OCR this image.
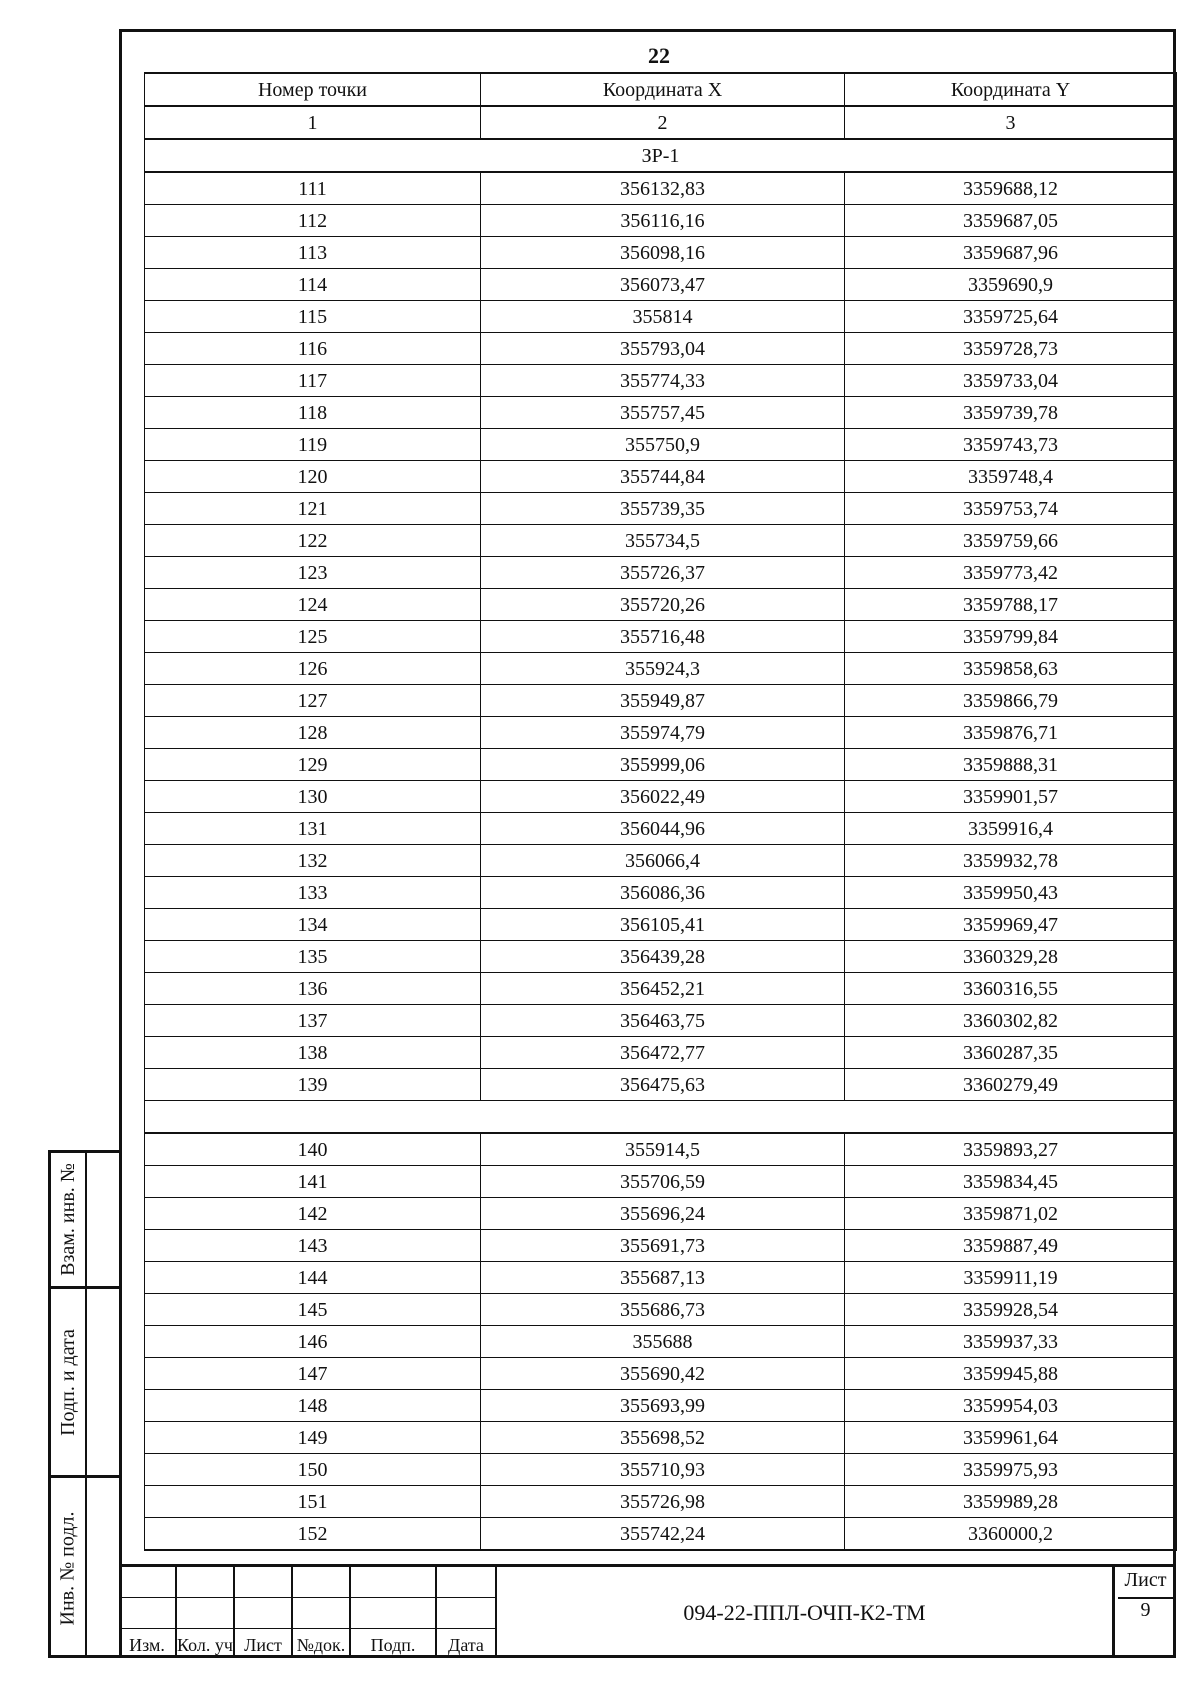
22
Номер точки	Координата X	Координата Y
1	2	3
ЗР-1		
111	356132,83	3359688,12
112	356116,16	3359687,05
113	356098,16	3359687,96
114	356073,47	3359690,9
115	355814	3359725,64
116	355793,04	3359728,73
117	355774,33	3359733,04
118	355757,45	3359739,78
119	355750,9	3359743,73
120	355744,84	3359748,4
121	355739,35	3359753,74
122	355734,5	3359759,66
123	355726,37	3359773,42
124	355720,26	3359788,17
125	355716,48	3359799,84
126	355924,3	3359858,63
127	355949,87	3359866,79
128	355974,79	3359876,71
129	355999,06	3359888,31
130	356022,49	3359901,57
131	356044,96	3359916,4
132	356066,4	3359932,78
133	356086,36	3359950,43
134	356105,41	3359969,47
135	356439,28	3360329,28
136	356452,21	3360316,55
137	356463,75	3360302,82
138	356472,77	3360287,35
139	356475,63	3360279,49

140	355914,5	3359893,27
141	355706,59	3359834,45
142	355696,24	3359871,02
143	355691,73	3359887,49
144	355687,13	3359911,19
145	355686,73	3359928,54
146	355688	3359937,33
147	355690,42	3359945,88
148	355693,99	3359954,03
149	355698,52	3359961,64
150	355710,93	3359975,93
151	355726,98	3359989,28
152	355742,24	3360000,2
Взам. инв. №
Подп. и дата
Инв. № подл.
Изм. Кол. уч Лист №док.	Подп.	Дата
094-22-ППЛ-ОЧП-К2-ТМ
Лист
9
